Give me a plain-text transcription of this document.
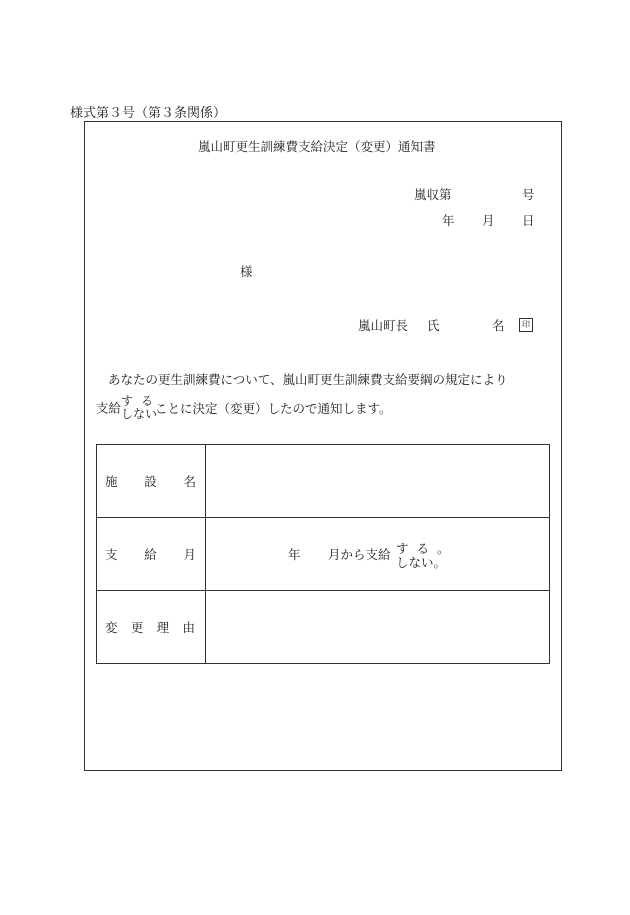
様式第３号（第３条関係）
嵐山町更生訓練費支給決定（変更）通知書
嵐収第	号
年 月 日
様
嵐山町長 氏	名	印
あなたの更生訓練費について、嵐山町更生訓練費支給要綱の規定により
支給 する
しない
ことに決定（変更）したので通知します。
施 設 名	

支 給 月	年 月から支給 する。
しない。

変 更 理 由	
